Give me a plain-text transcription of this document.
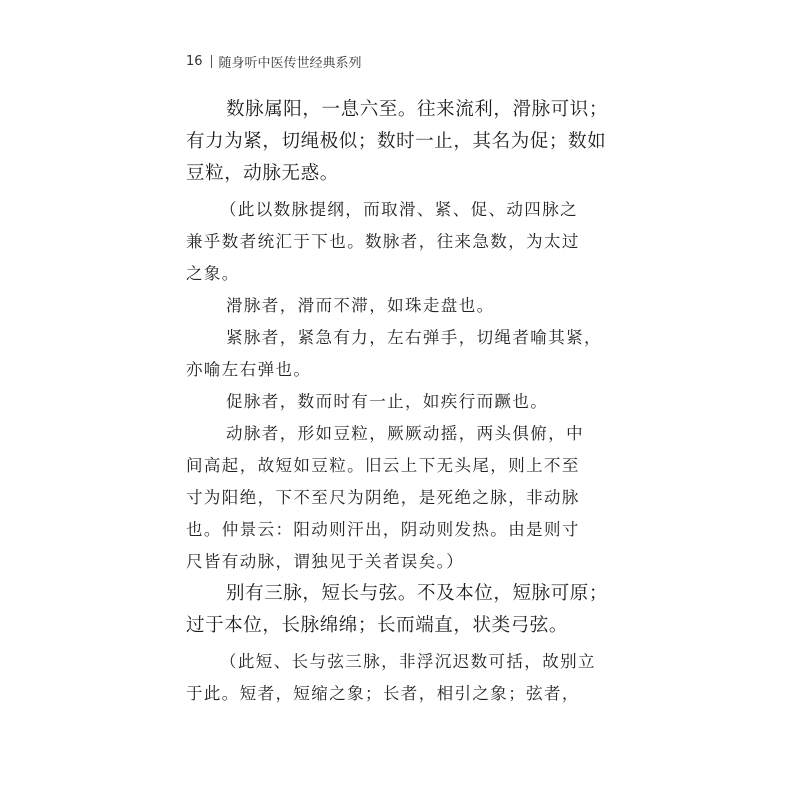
16 随身听中医传世经典系列
数脉属阳，一息六至。往来流利，滑脉可识；
有力为紧，切绳极似；数时一止，其名为促；数如
豆粒，动脉无惑。
（此以数脉提纲，而取滑、紧、促、动四脉之
兼乎数者统汇于下也。数脉者，往来急数，为太过
之象。
滑脉者，滑而不滞，如珠走盘也。
紧脉者，紧急有力，左右弹手，切绳者喻其紧，
亦喻左右弹也。
促脉者，数而时有一止，如疾行而蹶也。
动脉者，形如豆粒，厥厥动摇，两头俱俯，中
间高起，故短如豆粒。旧云上下无头尾，则上不至
寸为阳绝，下不至尺为阴绝，是死绝之脉，非动脉
也。仲景云：阳动则汗出，阴动则发热。由是则寸
尺皆有动脉，谓独见于关者误矣。）
别有三脉，短长与弦。不及本位，短脉可原；
过于本位，长脉绵绵；长而端直，状类弓弦。
（此短、长与弦三脉，非浮沉迟数可括，故别立
于此。短者，短缩之象；长者，相引之象；弦者，
